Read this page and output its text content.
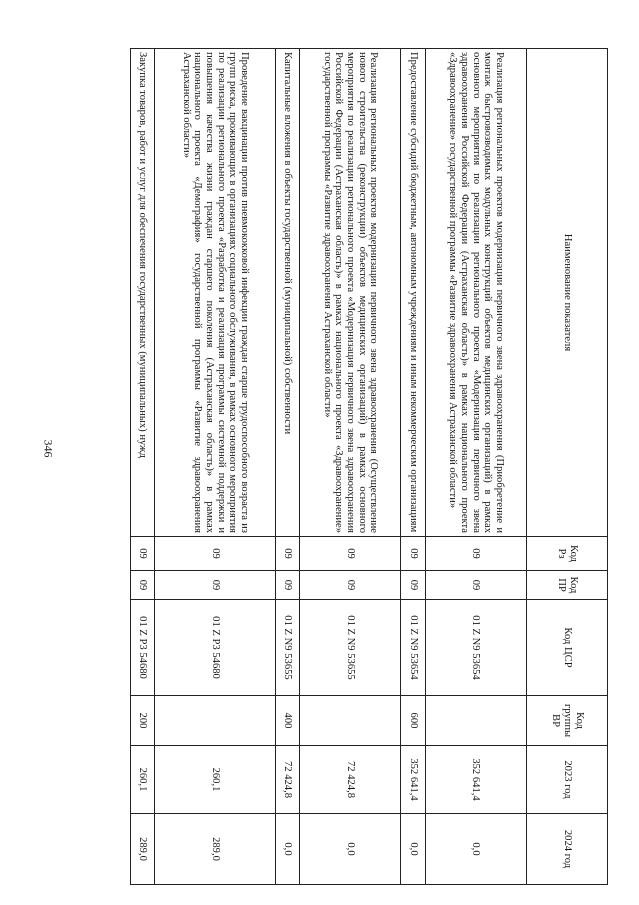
346
Наименование показателя	Код Рз	Код ПР	Код ЦСР	Код группы ВР	2023 год	2024 год
Реализация региональных проектов модернизации первичного звена здравоохранения (Приобретение и монтаж быстровозводимых модульных конструкций объектов медицинских организаций) в рамках основного мероприятия по реализации регионального проекта «Модернизация первичного звена здравоохранения Российской Федерации (Астраханская область)» в рамках национального проекта «Здравоохранение» государственной программы «Развитие здравоохранения Астраханской области»	09	09	01 Z N9 53654		352 641,4	0,0
Предоставление субсидий бюджетным, автономным учреждениям и иным некоммерческим организациям	09	09	01 Z N9 53654	600	352 641,4	0,0
Реализация региональных проектов модернизации первичного звена здравоохранения (Осуществление нового строительства (реконструкции) объектов медицинских организаций) в рамках основного мероприятия по реализации регионального проекта «Модернизация первичного звена здравоохранения Российской Федерации (Астраханская область)» в рамках национального проекта «Здравоохранение» государственной программы «Развитие здравоохранения Астраханской области»	09	09	01 Z N9 53655		72 424,8	0,0
Капитальные вложения в объекты государственной (муниципальной) собственности	09	09	01 Z N9 53655	400	72 424,8	0,0
Проведение вакцинации против пневмококковой инфекции граждан старше трудоспособного возраста из групп риска, проживающих в организациях социального обслуживания, в рамках основного мероприятия по реализации регионального проекта «Разработка и реализация программы системной поддержки и повышения качества жизни граждан старшего поколения (Астраханская область)» в рамках национального проекта «Демография» государственной программы «Развитие здравоохранения Астраханской области»	09	09	01 Z P3 54680		260,1	289,0
Закупка товаров, работ и услуг для обеспечения государственных (муниципальных) нужд	09	09	01 Z P3 54680	200	260,1	289,0
